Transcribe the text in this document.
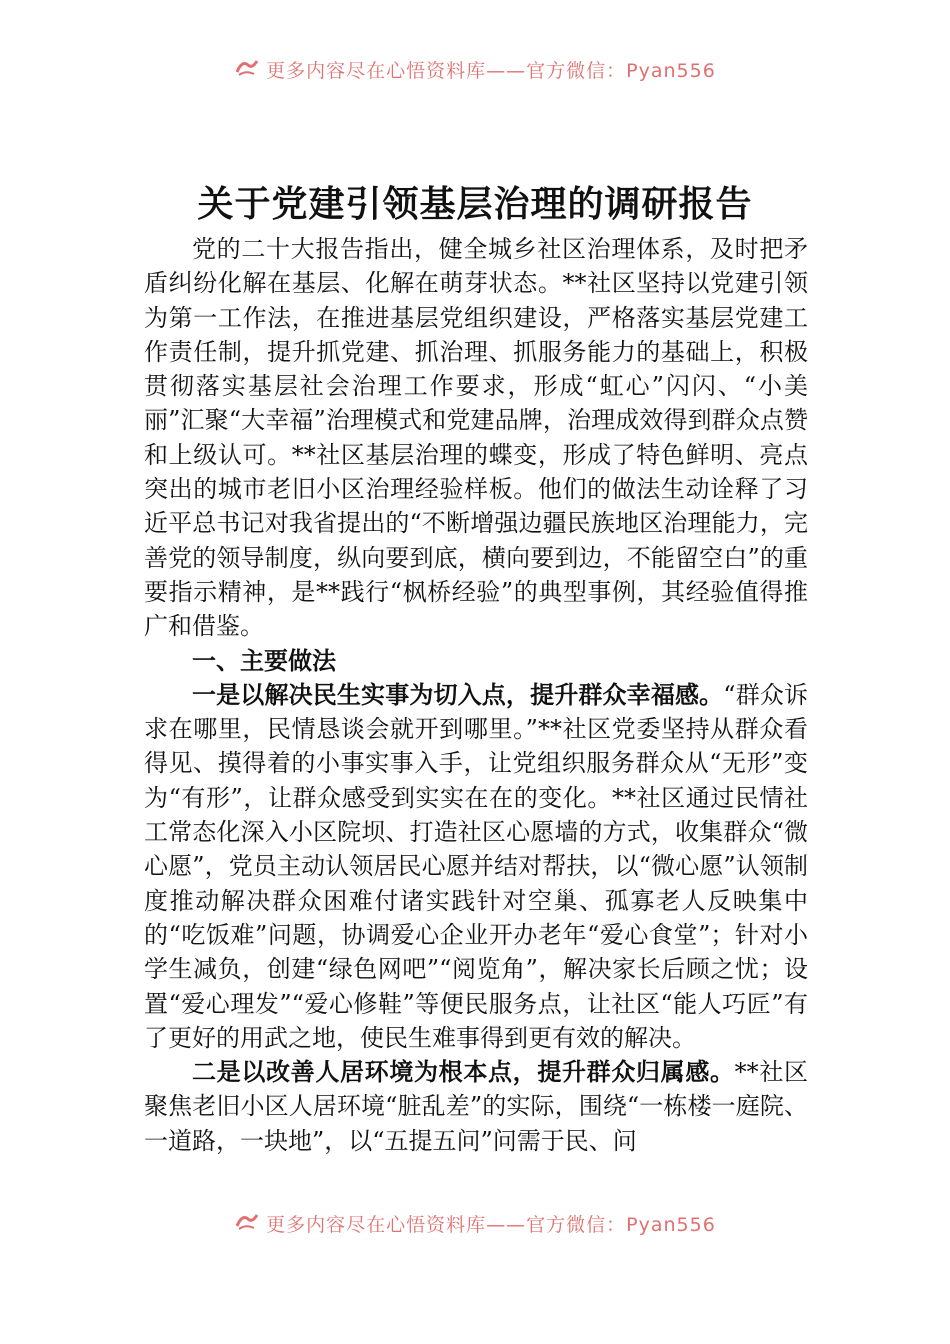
更多内容尽在心悟资料库——官方微信：Pyan556
关于党建引领基层治理的调研报告

党的二十大报告指出，健全城乡社区治理体系，及时把矛盾纠纷化解在基层、化解在萌芽状态。**社区坚持以党建引领为第一工作法，在推进基层党组织建设，严格落实基层党建工作责任制，提升抓党建、抓治理、抓服务能力的基础上，积极贯彻落实基层社会治理工作要求，形成“虹心”闪闪、“小美丽”汇聚“大幸福”治理模式和党建品牌，治理成效得到群众点赞和上级认可。**社区基层治理的蝶变，形成了特色鲜明、亮点突出的城市老旧小区治理经验样板。他们的做法生动诠释了习近平总书记对我省提出的“不断增强边疆民族地区治理能力，完善党的领导制度，纵向要到底，横向要到边，不能留空白”的重要指示精神，是**践行“枫桥经验”的典型事例，其经验值得推广和借鉴。

一、主要做法

一是以解决民生实事为切入点，提升群众幸福感。“群众诉求在哪里，民情恳谈会就开到哪里。”**社区党委坚持从群众看得见、摸得着的小事实事入手，让党组织服务群众从“无形”变为“有形”，让群众感受到实实在在的变化。**社区通过民情社工常态化深入小区院坝、打造社区心愿墙的方式，收集群众“微心愿”，党员主动认领居民心愿并结对帮扶，以“微心愿”认领制度推动解决群众困难付诸实践针对空巢、孤寡老人反映集中的“吃饭难”问题，协调爱心企业开办老年“爱心食堂”；针对小学生减负，创建“绿色网吧”“阅览角”，解决家长后顾之忧；设置“爱心理发”“爱心修鞋”等便民服务点，让社区“能人巧匠”有了更好的用武之地，使民生难事得到更有效的解决。

二是以改善人居环境为根本点，提升群众归属感。**社区聚焦老旧小区人居环境“脏乱差”的实际，围绕“一栋楼一庭院、一道路，一块地”，以“五提五问”问需于民、问

更多内容尽在心悟资料库——官方微信：Pyan556
